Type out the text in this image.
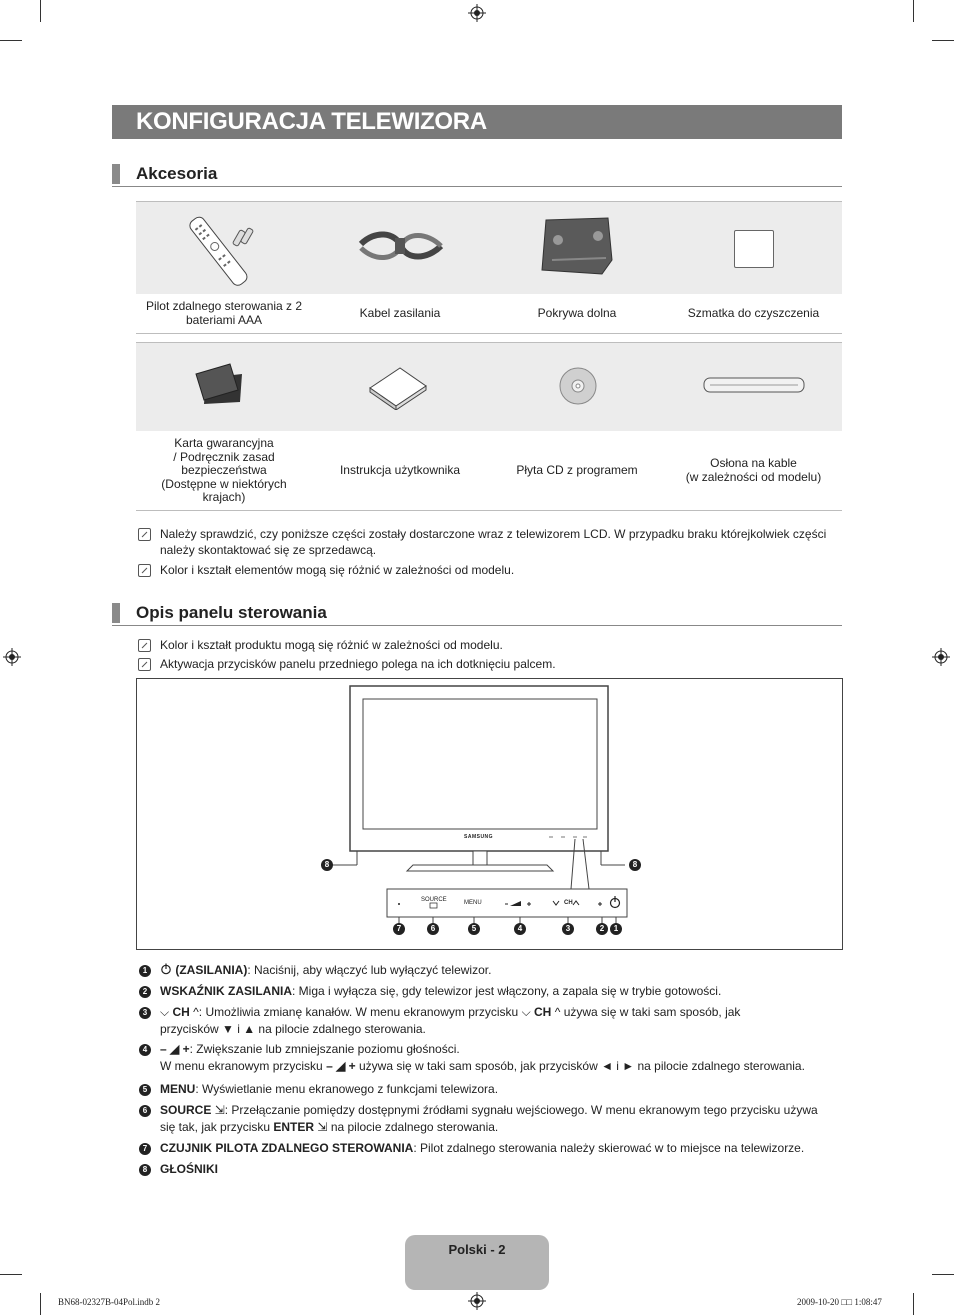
KONFIGURACJA TELEWIZORA
Akcesoria
Pilot zdalnego sterowania z 2
bateriami AAA	Kabel zasilania	Pokrywa dolna	Szmatka do czyszczenia
Karta gwarancyjna
/ Podręcznik zasad
bezpieczeństwa
(Dostępne w niektórych
krajach)
Instrukcja użytkownika	Płyta CD z programem	Osłona na kable
(w zależności od modelu)
Należy sprawdzić, czy poniższe części zostały dostarczone wraz z telewizorem LCD. W przypadku braku którejkolwiek części
należy skontaktować się ze sprzedawcą.
Kolor i kształt elementów mogą się różnić w zależności od modelu.
Opis panelu sterowania
Kolor i kształt produktu mogą się różnić w zależności od modelu.
Aktywacja przycisków panelu przedniego polega na ich dotknięciu palcem.
SAMSUNG
SOURCE	MENU	CH
8	8
7	6	5	4	3	2	1
1	(ZASILANIA): Naciśnij, aby włączyć lub wyłączyć telewizor.
2	WSKAŹNIK ZASILANIA: Miga i wyłącza się, gdy telewizor jest włączony, a zapala się w trybie gotowości.
3	⌵ CH ^: Umożliwia zmianę kanałów. W menu ekranowym przycisku ⌵ CH ^ używa się w taki sam sposób, jak
przycisków ▼ i ▲ na pilocie zdalnego sterowania.
4	– ◢ +: Zwiększanie lub zmniejszanie poziomu głośności.
W menu ekranowym przycisku – ◢ + używa się w taki sam sposób, jak przycisków ◄ i ► na pilocie zdalnego sterowania.
5	MENU: Wyświetlanie menu ekranowego z funkcjami telewizora.
6	SOURCE ⇲: Przełączanie pomiędzy dostępnymi źródłami sygnału wejściowego. W menu ekranowym tego przycisku używa
się tak, jak przycisku ENTER ⇲ na pilocie zdalnego sterowania.
7	CZUJNIK PILOTA ZDALNEGO STEROWANIA: Pilot zdalnego sterowania należy skierować w to miejsce na telewizorze.
8	GŁOŚNIKI
Polski - 2
BN68-02327B-04Pol.indb 2	2009-10-20 □□ 1:08:47
